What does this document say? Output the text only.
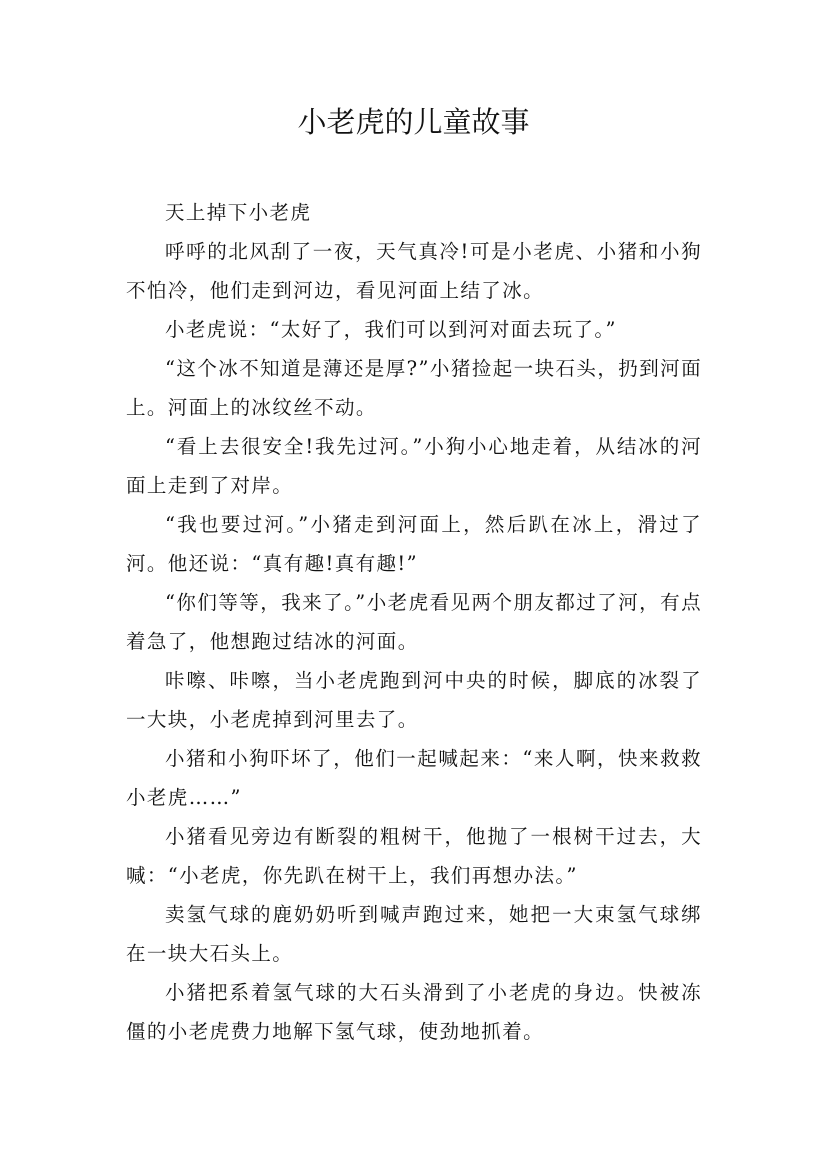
小老虎的儿童故事

天上掉下小老虎

呼呼的北风刮了一夜，天气真冷!可是小老虎、小猪和小狗不怕冷，他们走到河边，看见河面上结了冰。

小老虎说：“太好了，我们可以到河对面去玩了。”

“这个冰不知道是薄还是厚?”小猪捡起一块石头，扔到河面上。河面上的冰纹丝不动。

“看上去很安全!我先过河。”小狗小心地走着，从结冰的河面上走到了对岸。

“我也要过河。”小猪走到河面上，然后趴在冰上，滑过了河。他还说：“真有趣!真有趣!”

“你们等等，我来了。”小老虎看见两个朋友都过了河，有点着急了，他想跑过结冰的河面。

咔嚓、咔嚓，当小老虎跑到河中央的时候，脚底的冰裂了一大块，小老虎掉到河里去了。

小猪和小狗吓坏了，他们一起喊起来：“来人啊，快来救救小老虎……”

小猪看见旁边有断裂的粗树干，他抛了一根树干过去，大喊：“小老虎，你先趴在树干上，我们再想办法。”

卖氢气球的鹿奶奶听到喊声跑过来，她把一大束氢气球绑在一块大石头上。

小猪把系着氢气球的大石头滑到了小老虎的身边。快被冻僵的小老虎费力地解下氢气球，使劲地抓着。
